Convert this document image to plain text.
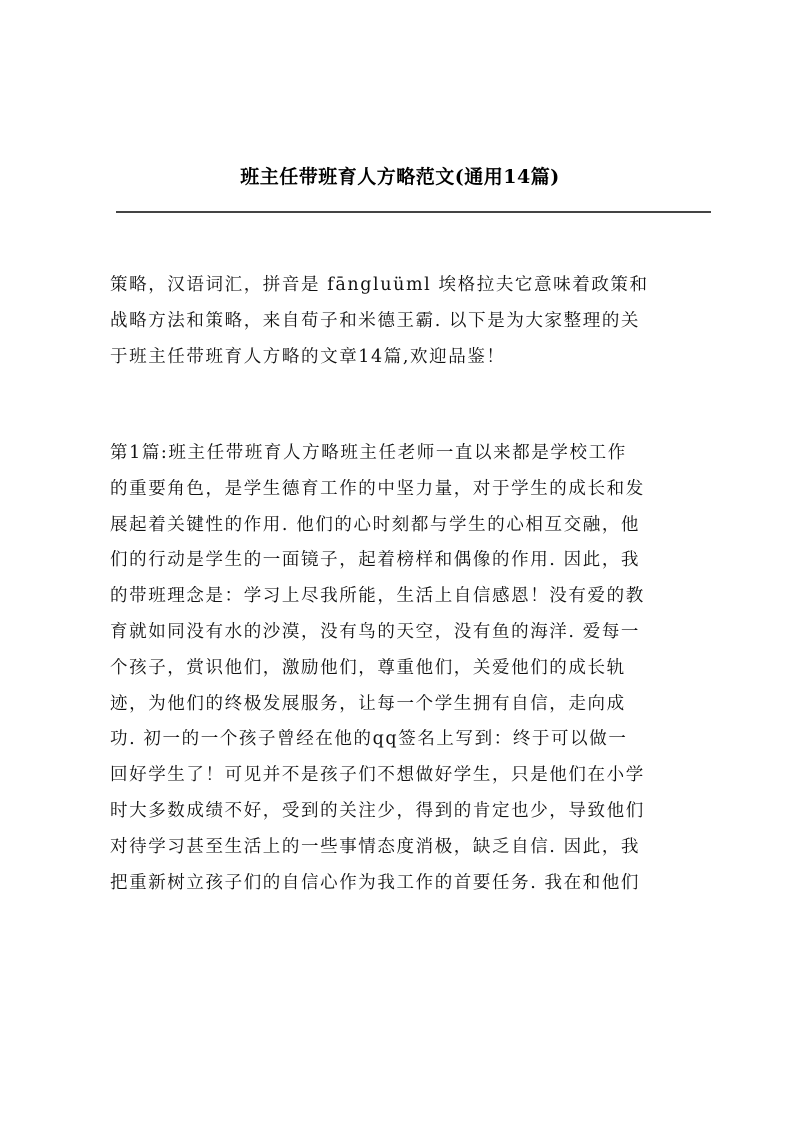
班主任带班育人方略范文(通用14篇)

策略，汉语词汇，拼音是 fāngluüml 埃格拉夫它意味着政策和
战略方法和策略，来自荀子和米德王霸. 以下是为大家整理的关
于班主任带班育人方略的文章14篇,欢迎品鉴！

第1篇:班主任带班育人方略班主任老师一直以来都是学校工作
的重要角色，是学生德育工作的中坚力量，对于学生的成长和发
展起着关键性的作用. 他们的心时刻都与学生的心相互交融，他
们的行动是学生的一面镜子，起着榜样和偶像的作用. 因此，我
的带班理念是：学习上尽我所能，生活上自信感恩！没有爱的教
育就如同没有水的沙漠，没有鸟的天空，没有鱼的海洋. 爱每一
个孩子，赏识他们，激励他们，尊重他们，关爱他们的成长轨
迹，为他们的终极发展服务，让每一个学生拥有自信，走向成
功. 初一的一个孩子曾经在他的qq签名上写到：终于可以做一
回好学生了！可见并不是孩子们不想做好学生，只是他们在小学
时大多数成绩不好，受到的关注少，得到的肯定也少，导致他们
对待学习甚至生活上的一些事情态度消极，缺乏自信. 因此，我
把重新树立孩子们的自信心作为我工作的首要任务. 我在和他们
